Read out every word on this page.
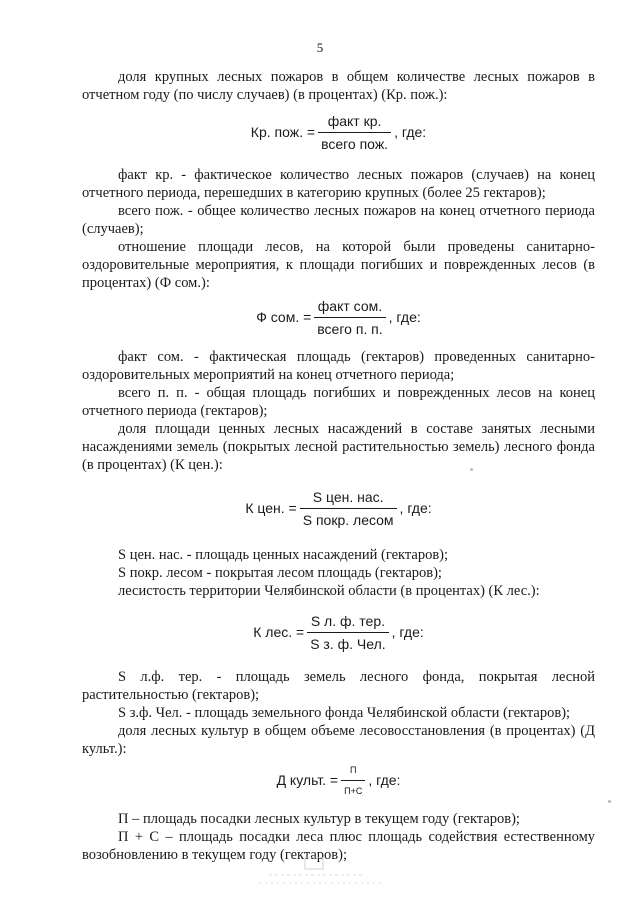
5

доля крупных лесных пожаров в общем количестве лесных пожаров в отчетном году (по числу случаев) (в процентах) (Кр. пож.):

Кр. пож. = $\frac{\text{факт кр.}}{\text{всего пож.}}$ , где:

факт кр. - фактическое количество лесных пожаров (случаев) на конец отчетного периода, перешедших в категорию крупных (более 25 гектаров);

всего пож. - общее количество лесных пожаров на конец отчетного периода (случаев);

отношение площади лесов, на которой были проведены санитарно-оздоровительные мероприятия, к площади погибших и поврежденных лесов (в процентах) (Ф сом.):

Ф сом. = $\frac{\text{факт сом.}}{\text{всего п. п.}}$ , где:

факт сом. - фактическая площадь (гектаров) проведенных санитарно-оздоровительных мероприятий на конец отчетного периода;

всего п. п. - общая площадь погибших и поврежденных лесов на конец отчетного периода (гектаров);

доля площади ценных лесных насаждений в составе занятых лесными насаждениями земель (покрытых лесной растительностью земель) лесного фонда (в процентах) (К цен.):

К цен. = $\frac{\text{S цен. нас.}}{\text{S покр. лесом}}$ , где:

S цен. нас. - площадь ценных насаждений (гектаров);

S покр. лесом - покрытая лесом площадь (гектаров);

лесистость территории Челябинской области (в процентах) (К лес.):

К лес. = $\frac{\text{S л. ф. тер.}}{\text{S з. ф. Чел.}}$ , где:

S л.ф. тер. - площадь земель лесного фонда, покрытая лесной растительностью (гектаров);

S з.ф. Чел. - площадь земельного фонда Челябинской области (гектаров);

доля лесных культур в общем объеме лесовосстановления (в процентах) (Д культ.):

Д культ. = $\frac{П}{П+С}$ , где:

П – площадь посадки лесных культур в текущем году (гектаров);

П + С – площадь посадки леса плюс площадь содействия естественному возобновлению в текущем году (гектаров);
